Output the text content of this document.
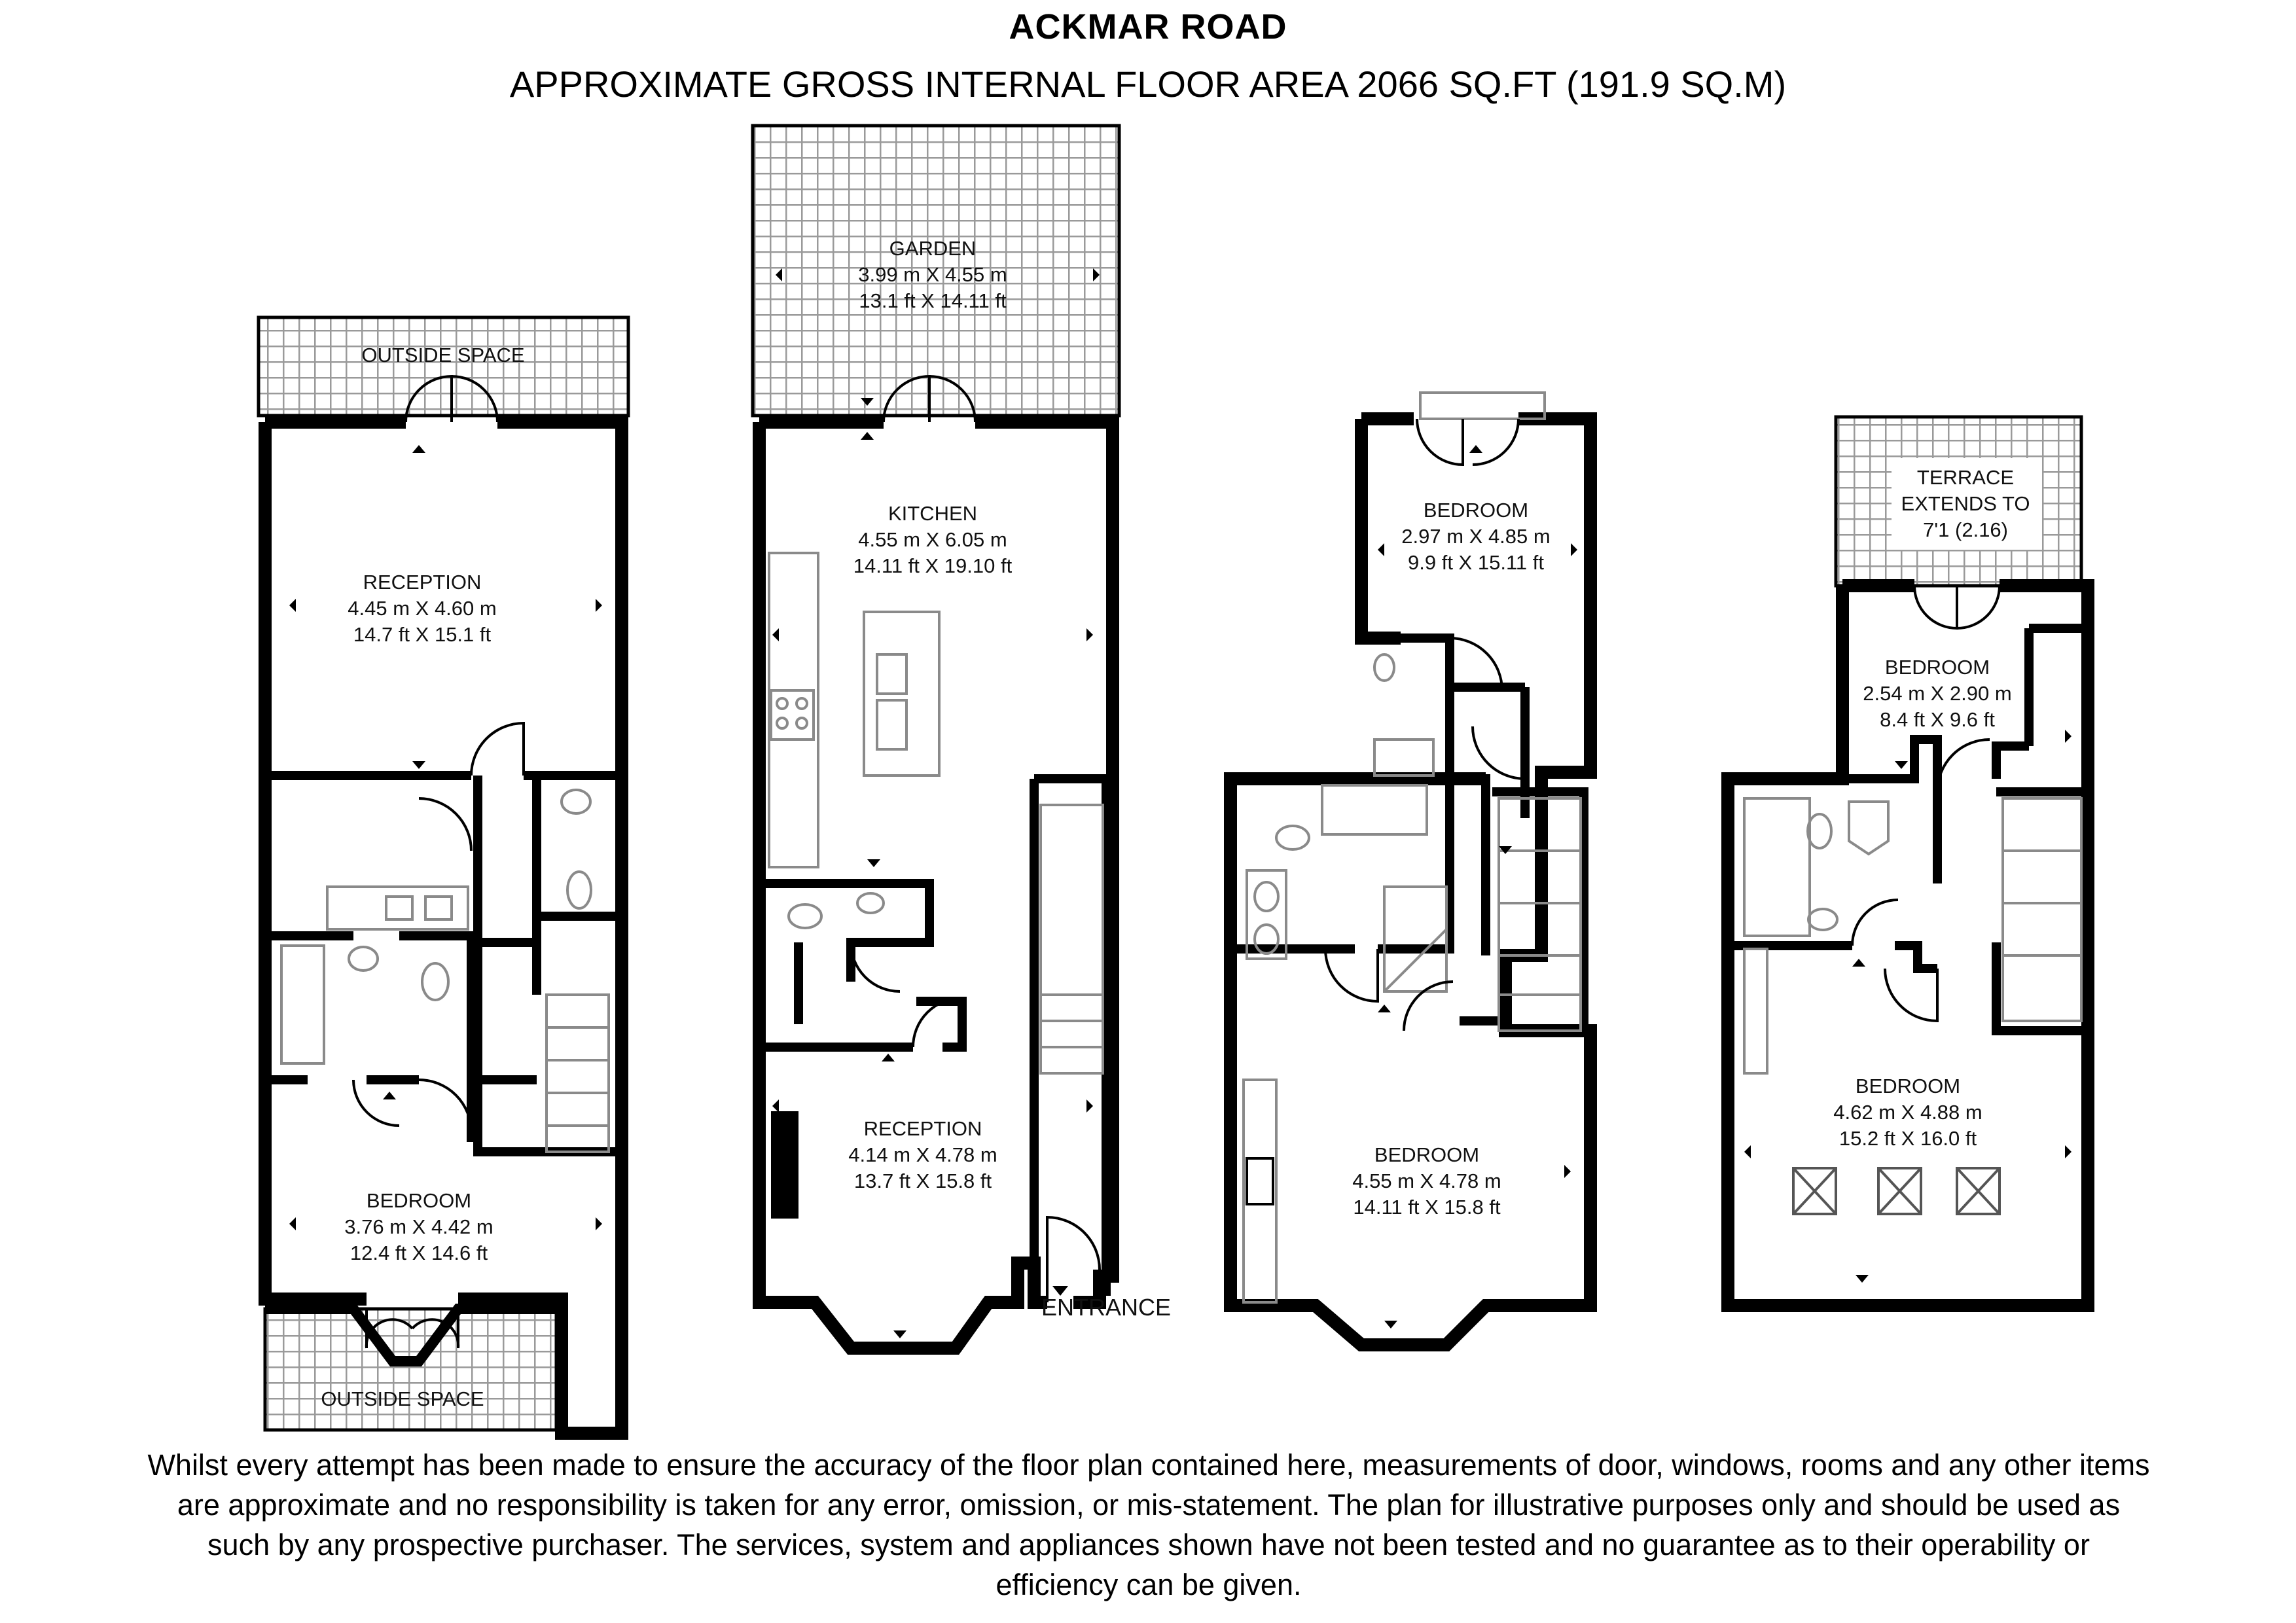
ACKMAR ROAD
APPROXIMATE GROSS INTERNAL FLOOR AREA 2066 SQ.FT (191.9 SQ.M)
OUTSIDE SPACE
RECEPTION
4.45 m X 4.60 m
14.7 ft X 15.1 ft
BEDROOM
3.76 m X 4.42 m
12.4 ft X 14.6 ft
OUTSIDE SPACE
GARDEN
3.99 m X 4.55 m
13.1 ft X 14.11 ft
KITCHEN
4.55 m X 6.05 m
14.11 ft X 19.10 ft
RECEPTION
4.14 m X 4.78 m
13.7 ft X 15.8 ft
ENTRANCE
BEDROOM
2.97 m X 4.85 m
9.9 ft X 15.11 ft
BEDROOM
4.55 m X 4.78 m
14.11 ft X 15.8 ft
TERRACE
EXTENDS TO
7'1 (2.16)
BEDROOM
2.54 m X 2.90 m
8.4 ft X 9.6 ft
BEDROOM
4.62 m X 4.88 m
15.2 ft X 16.0 ft
Whilst every attempt has been made to ensure the accuracy of the floor plan contained here, measurements of door, windows, rooms and any other items are approximate and no responsibility is taken for any error, omission, or mis-statement. The plan for illustrative purposes only and should be used as such by any prospective purchaser. The services, system and appliances shown have not been tested and no guarantee as to their operability or efficiency can be given.
